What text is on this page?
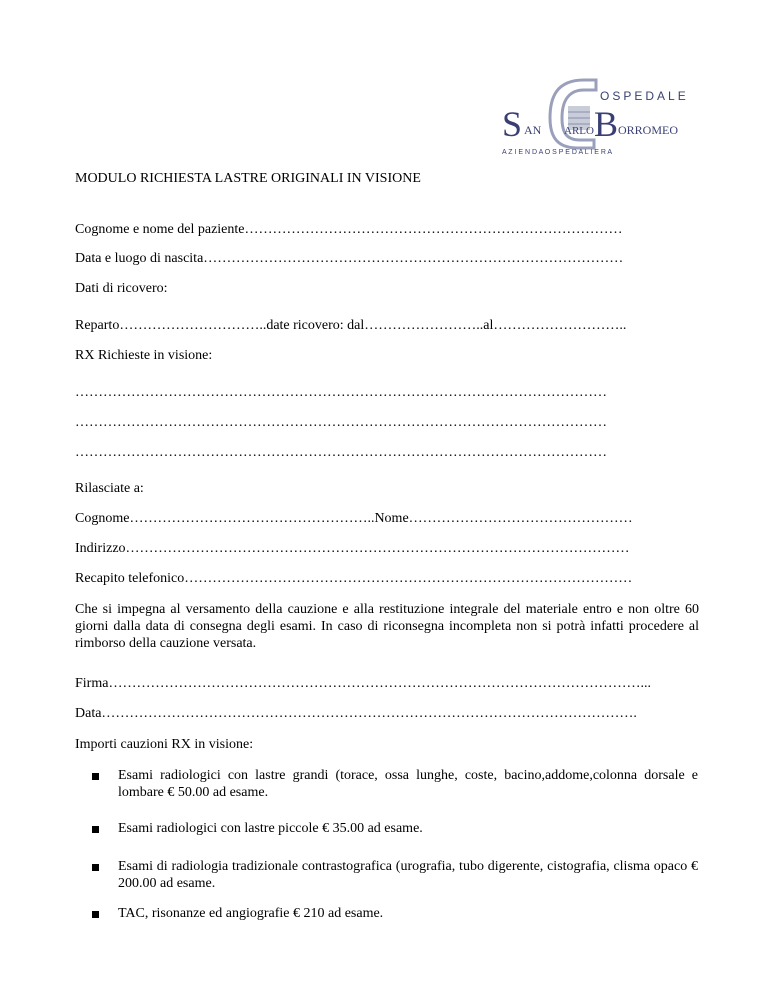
OSPEDALE
S AN ARLO B ORROMEO
A Z I E N D A O S P E D A L I E R A
MODULO RICHIESTA LASTRE ORIGINALI IN VISIONE
Cognome e nome del paziente………………………………………………………………………
Data e luogo di nascita………………………………………………………………………………
Dati di ricovero:
Reparto…………………………..date ricovero: dal……………………..al………………………..
RX Richieste in visione:
……………………………………………………………………………………………………
……………………………………………………………………………………………………
……………………………………………………………………………………………………
Rilasciate a:
Cognome……………………………………………..Nome…………………………………………
Indirizzo………………………………………………………………………………………………
Recapito telefonico……………………………………………………………………………………
Che si impegna al versamento della cauzione e alla restituzione integrale del materiale entro e non oltre 60 giorni dalla data di consegna degli esami. In caso di riconsegna incompleta non si potrà infatti procedere al rimborso della cauzione versata.
Firma……………………………………………………………………………………………………...
Data…………………………………………………………………………………………………….
Importi cauzioni RX in visione:
Esami radiologici con lastre grandi (torace, ossa lunghe, coste, bacino,addome,colonna dorsale e lombare € 50.00 ad esame.
Esami radiologici con lastre piccole € 35.00 ad esame.
Esami di radiologia tradizionale contrastografica (urografia, tubo digerente, cistografia, clisma opaco € 200.00 ad esame.
TAC, risonanze ed angiografie € 210 ad esame.
